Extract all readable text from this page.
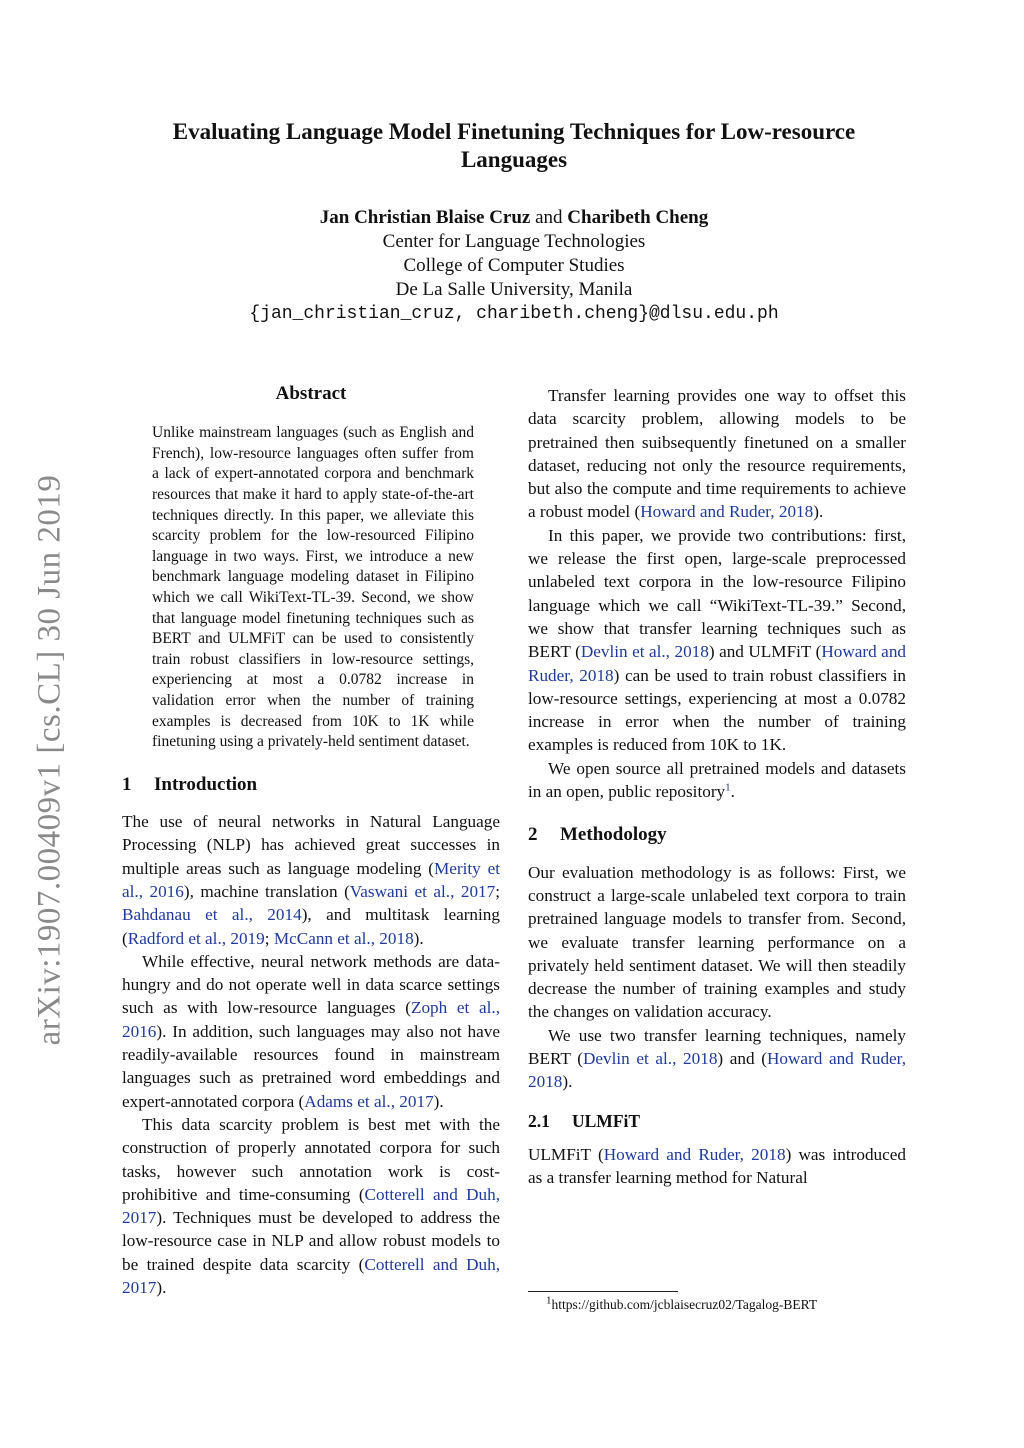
arXiv:1907.00409v1 [cs.CL] 30 Jun 2019
Evaluating Language Model Finetuning Techniques for Low-resource Languages
Jan Christian Blaise Cruz and Charibeth Cheng
Center for Language Technologies
College of Computer Studies
De La Salle University, Manila
{jan_christian_cruz, charibeth.cheng}@dlsu.edu.ph
Abstract

Unlike mainstream languages (such as English and French), low-resource languages often suffer from a lack of expert-annotated corpora and benchmark resources that make it hard to apply state-of-the-art techniques directly. In this paper, we alleviate this scarcity problem for the low-resourced Filipino language in two ways. First, we introduce a new benchmark language modeling dataset in Filipino which we call WikiText-TL-39. Second, we show that language model finetuning techniques such as BERT and ULMFiT can be used to consistently train robust classifiers in low-resource settings, experiencing at most a 0.0782 increase in validation error when the number of training examples is decreased from 10K to 1K while finetuning using a privately-held sentiment dataset.

1 Introduction

The use of neural networks in Natural Language Processing (NLP) has achieved great successes in multiple areas such as language modeling (Merity et al., 2016), machine translation (Vaswani et al., 2017; Bahdanau et al., 2014), and multitask learning (Radford et al., 2019; McCann et al., 2018).

While effective, neural network methods are data-hungry and do not operate well in data scarce settings such as with low-resource languages (Zoph et al., 2016). In addition, such languages may also not have readily-available resources found in mainstream languages such as pretrained word embeddings and expert-annotated corpora (Adams et al., 2017).

This data scarcity problem is best met with the construction of properly annotated corpora for such tasks, however such annotation work is cost-prohibitive and time-consuming (Cotterell and Duh, 2017). Techniques must be developed to address the low-resource case in NLP and allow robust models to be trained despite data scarcity (Cotterell and Duh, 2017).

Transfer learning provides one way to offset this data scarcity problem, allowing models to be pretrained then suibsequently finetuned on a smaller dataset, reducing not only the resource requirements, but also the compute and time requirements to achieve a robust model (Howard and Ruder, 2018).

In this paper, we provide two contributions: first, we release the first open, large-scale preprocessed unlabeled text corpora in the low-resource Filipino language which we call “WikiText-TL-39.” Second, we show that transfer learning techniques such as BERT (Devlin et al., 2018) and ULMFiT (Howard and Ruder, 2018) can be used to train robust classifiers in low-resource settings, experiencing at most a 0.0782 increase in error when the number of training examples is reduced from 10K to 1K.

We open source all pretrained models and datasets in an open, public repository$^1$.

2 Methodology

Our evaluation methodology is as follows: First, we construct a large-scale unlabeled text corpora to train pretrained language models to transfer from. Second, we evaluate transfer learning performance on a privately held sentiment dataset. We will then steadily decrease the number of training examples and study the changes on validation accuracy.

We use two transfer learning techniques, namely BERT (Devlin et al., 2018) and (Howard and Ruder, 2018).

2.1 ULMFiT

ULMFiT (Howard and Ruder, 2018) was introduced as a transfer learning method for Natural

$^1$https://github.com/jcblaisecruz02/Tagalog-BERT
